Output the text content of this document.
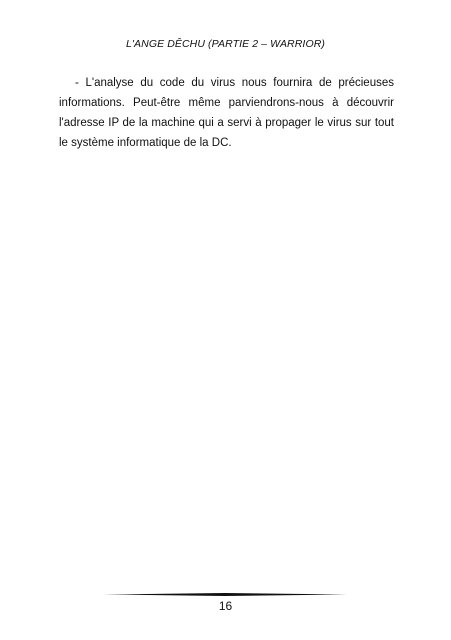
L'ANGE DÊCHU (PARTIE 2 – WARRIOR)

- L'analyse du code du virus nous fournira de précieuses informations. Peut-être même parviendrons-nous à découvrir l'adresse IP de la machine qui a servi à propager le virus sur tout le système informatique de la DC.

16
